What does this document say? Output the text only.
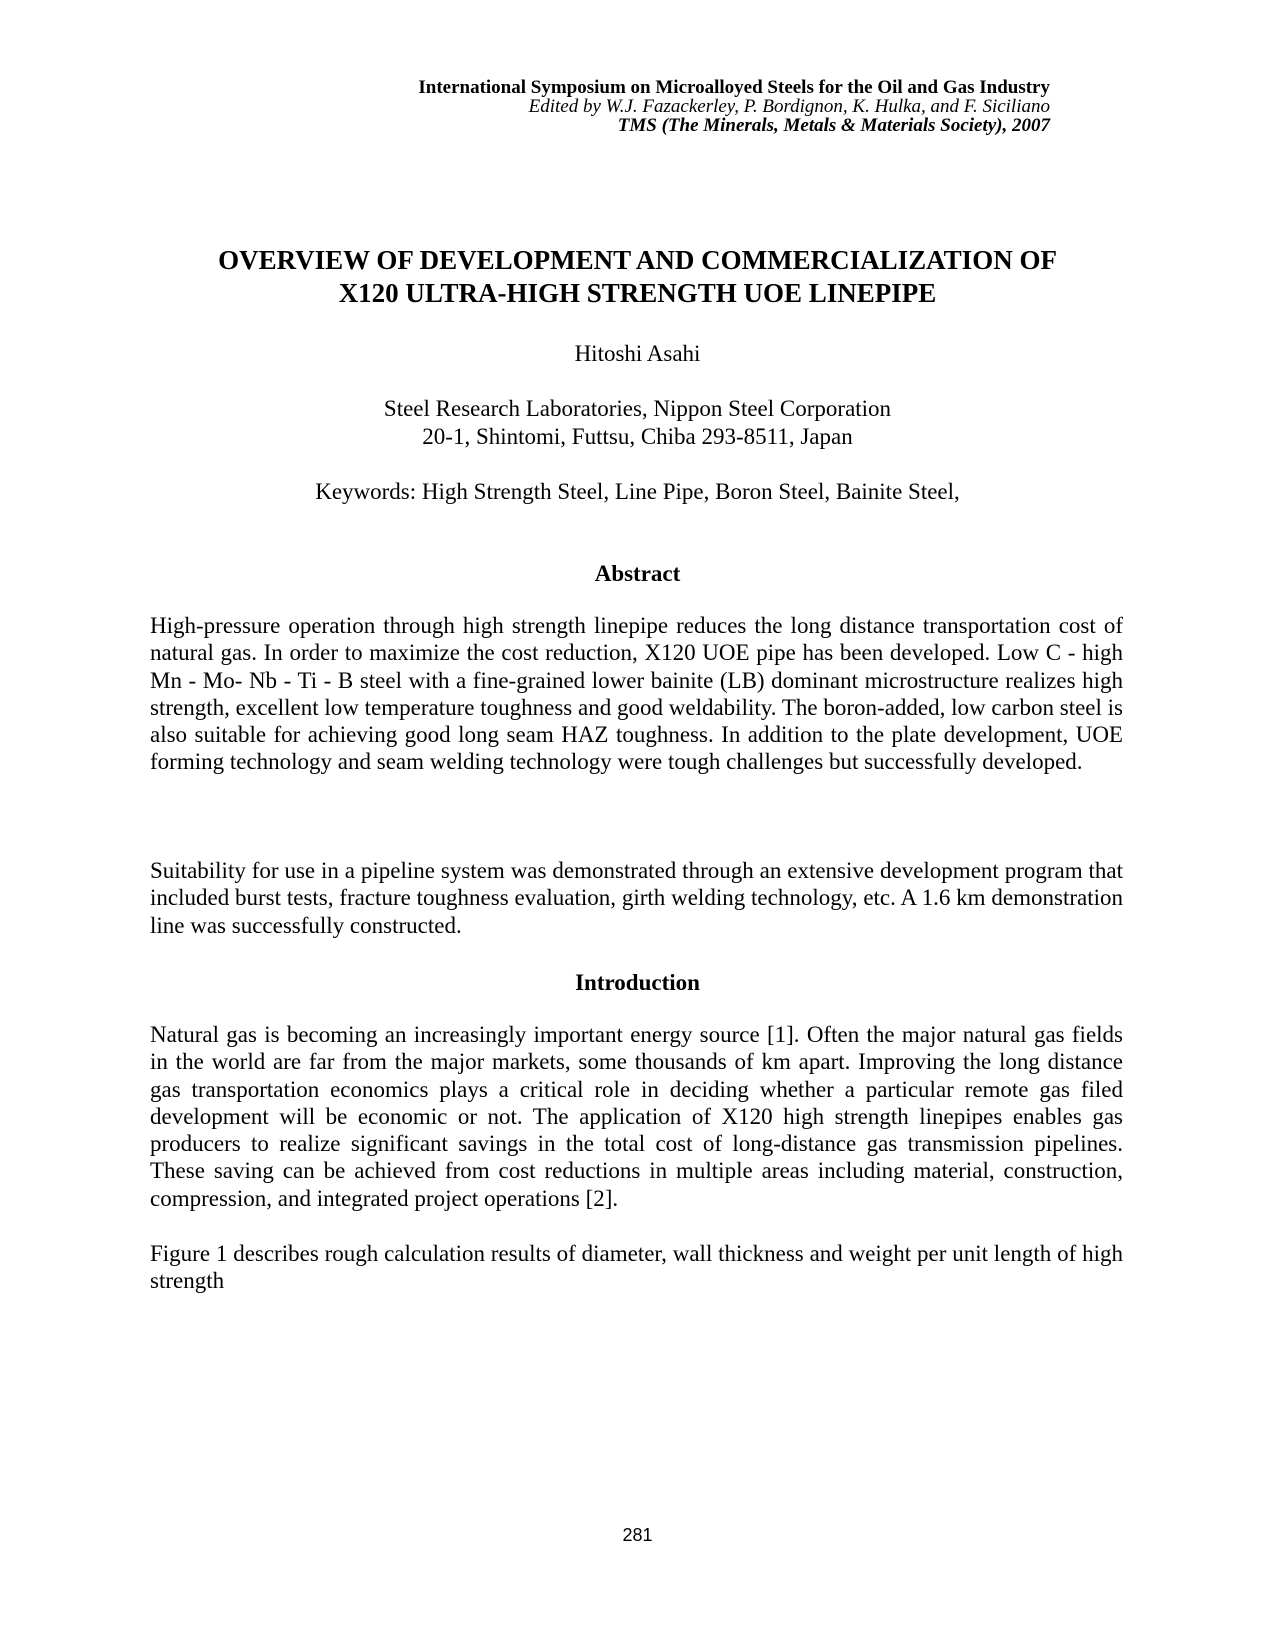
International Symposium on Microalloyed Steels for the Oil and Gas Industry
Edited by W.J. Fazackerley, P. Bordignon, K. Hulka, and F. Siciliano
TMS (The Minerals, Metals & Materials Society), 2007
OVERVIEW OF DEVELOPMENT AND COMMERCIALIZATION OF
X120 ULTRA-HIGH STRENGTH UOE LINEPIPE
Hitoshi Asahi
Steel Research Laboratories, Nippon Steel Corporation
20-1, Shintomi, Futtsu, Chiba 293-8511, Japan
Keywords: High Strength Steel, Line Pipe, Boron Steel, Bainite Steel,
Abstract

High-pressure operation through high strength linepipe reduces the long distance transportation cost of natural gas. In order to maximize the cost reduction, X120 UOE pipe has been developed. Low C - high Mn - Mo- Nb - Ti - B steel with a fine-grained lower bainite (LB) dominant microstructure realizes high strength, excellent low temperature toughness and good weldability. The boron-added, low carbon steel is also suitable for achieving good long seam HAZ toughness. In addition to the plate development, UOE forming technology and seam welding technology were tough challenges but successfully developed.

Suitability for use in a pipeline system was demonstrated through an extensive development program that included burst tests, fracture toughness evaluation, girth welding technology, etc. A 1.6 km demonstration line was successfully constructed.

Introduction

Natural gas is becoming an increasingly important energy source [1]. Often the major natural gas fields in the world are far from the major markets, some thousands of km apart. Improving the long distance gas transportation economics plays a critical role in deciding whether a particular remote gas filed development will be economic or not. The application of X120 high strength linepipes enables gas producers to realize significant savings in the total cost of long-distance gas transmission pipelines. These saving can be achieved from cost reductions in multiple areas including material, construction, compression, and integrated project operations [2].

Figure 1 describes rough calculation results of diameter, wall thickness and weight per unit length of high strength

281
